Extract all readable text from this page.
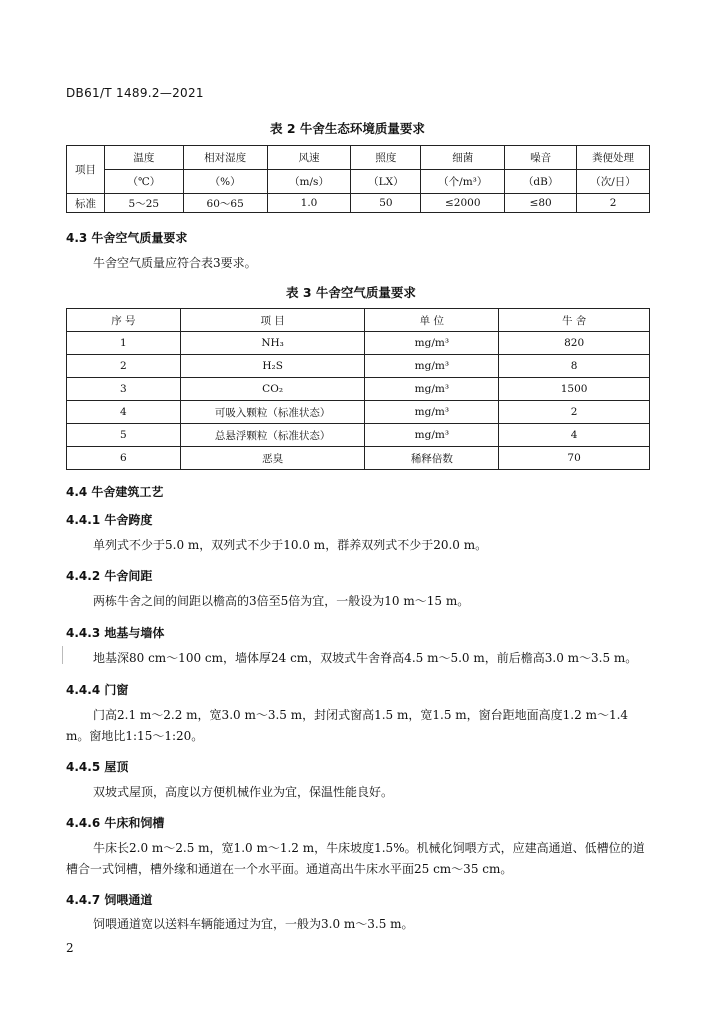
DB61/T 1489.2—2021
表 2 牛舍生态环境质量要求
项目	温度	相对湿度	风速	照度	细菌	噪音	粪便处理
	（℃）	（%）	（m/s）	（LX）	（个/m³）	（dB）	（次/日）
标准	5～25	60～65	1.0	50	≤2000	≤80	2
4.3 牛舍空气质量要求
牛舍空气质量应符合表3要求。
表 3 牛舍空气质量要求
序 号	项 目	单 位	牛 舍
1	NH₃	mg/m³	820
2	H₂S	mg/m³	8
3	CO₂	mg/m³	1500
4	可吸入颗粒（标准状态）	mg/m³	2
5	总悬浮颗粒（标准状态）	mg/m³	4
6	恶臭	稀释倍数	70
4.4 牛舍建筑工艺
4.4.1 牛舍跨度
单列式不少于5.0 m，双列式不少于10.0 m，群养双列式不少于20.0 m。
4.4.2 牛舍间距
两栋牛舍之间的间距以檐高的3倍至5倍为宜，一般设为10 m～15 m。
4.4.3 地基与墙体
地基深80 cm～100 cm，墙体厚24 cm，双坡式牛舍脊高4.5 m～5.0 m，前后檐高3.0 m～3.5 m。
4.4.4 门窗
门高2.1 m～2.2 m，宽3.0 m～3.5 m，封闭式窗高1.5 m，宽1.5 m，窗台距地面高度1.2 m～1.4 m。窗地比1:15～1:20。
4.4.5 屋顶
双坡式屋顶，高度以方便机械作业为宜，保温性能良好。
4.4.6 牛床和饲槽
牛床长2.0 m～2.5 m，宽1.0 m～1.2 m，牛床坡度1.5%。机械化饲喂方式，应建高通道、低槽位的道槽合一式饲槽，槽外缘和通道在一个水平面。通道高出牛床水平面25 cm～35 cm。
4.4.7 饲喂通道
饲喂通道宽以送料车辆能通过为宜，一般为3.0 m～3.5 m。
2
